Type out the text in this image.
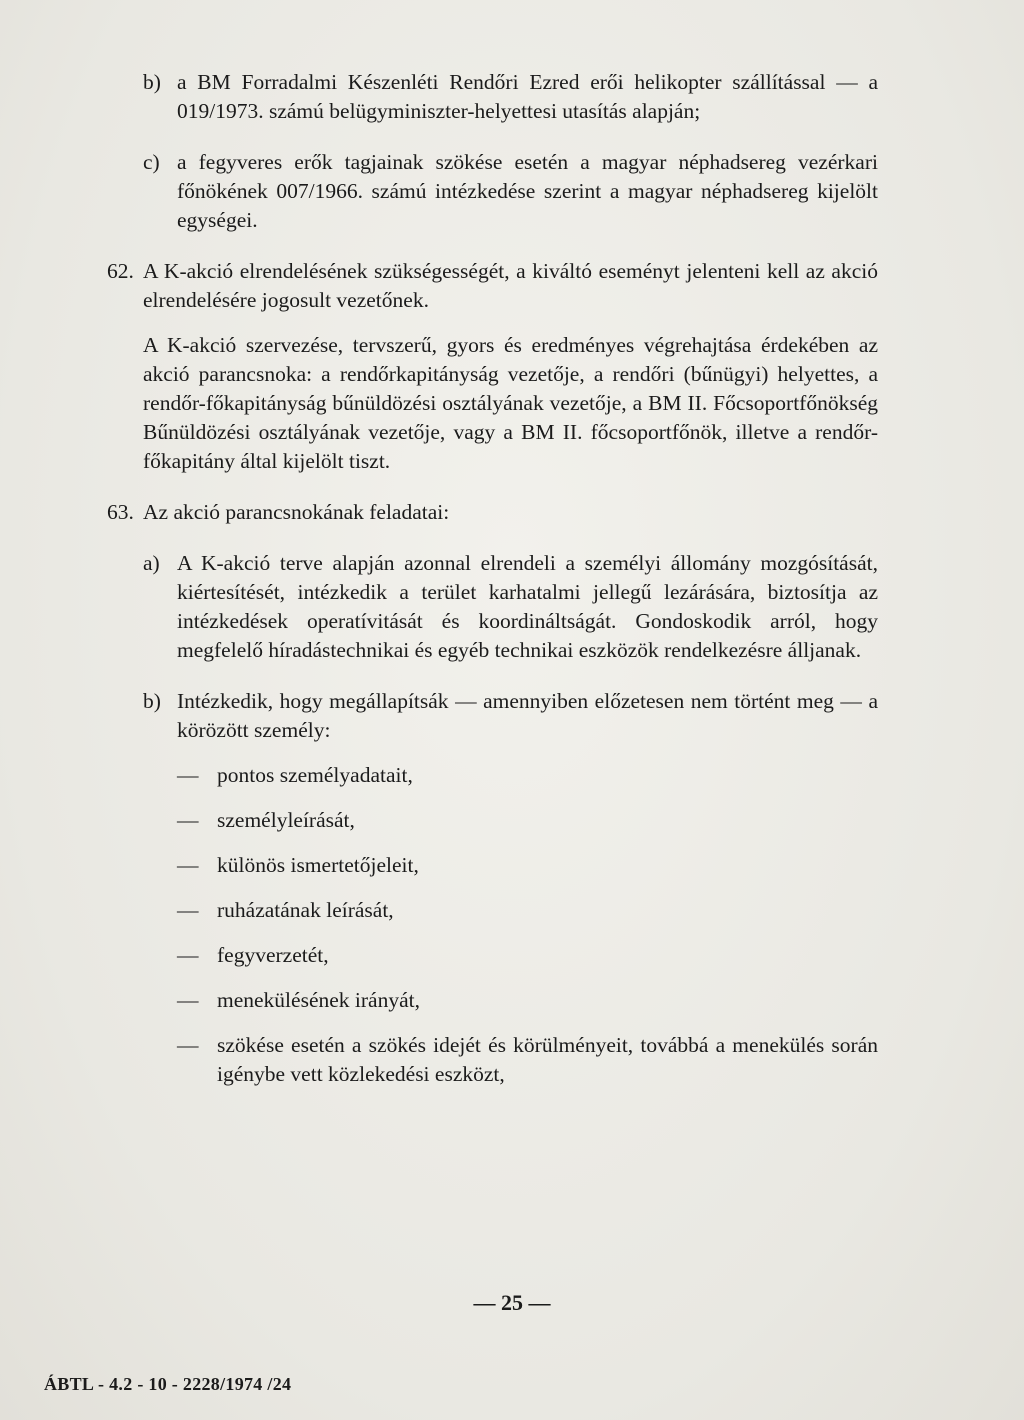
b) a BM Forradalmi Készenléti Rendőri Ezred erői helikopter szállítással — a 019/1973. számú belügyminiszter-helyettesi utasítás alapján;
c) a fegyveres erők tagjainak szökése esetén a magyar néphadsereg vezérkari főnökének 007/1966. számú intézkedése szerint a magyar néphadsereg kijelölt egységei.
62. A K-akció elrendelésének szükségességét, a kiváltó eseményt jelenteni kell az akció elrendelésére jogosult vezetőnek.
A K-akció szervezése, tervszerű, gyors és eredményes végrehajtása érdekében az akció parancsnoka: a rendőrkapitányság vezetője, a rendőri (bűnügyi) helyettes, a rendőr-főkapitányság bűnüldözési osztályának vezetője, a BM II. Főcsoportfőnökség Bűnüldözési osztályának vezetője, vagy a BM II. főcsoportfőnök, illetve a rendőr-főkapitány által kijelölt tiszt.
63. Az akció parancsnokának feladatai:
a) A K-akció terve alapján azonnal elrendeli a személyi állomány mozgósítását, kiértesítését, intézkedik a terület karhatalmi jellegű lezárására, biztosítja az intézkedések operatívitását és koordináltságát. Gondoskodik arról, hogy megfelelő híradástechnikai és egyéb technikai eszközök rendelkezésre álljanak.
b) Intézkedik, hogy megállapítsák — amennyiben előzetesen nem történt meg — a körözött személy:
— pontos személyadatait,
— személyleírását,
— különös ismertetőjeleit,
— ruházatának leírását,
— fegyverzetét,
— menekülésének irányát,
— szökése esetén a szökés idejét és körülményeit, továbbá a menekülés során igénybe vett közlekedési eszközt,
— 25 —
ÁBTL - 4.2 - 10 - 2228/1974 /24
